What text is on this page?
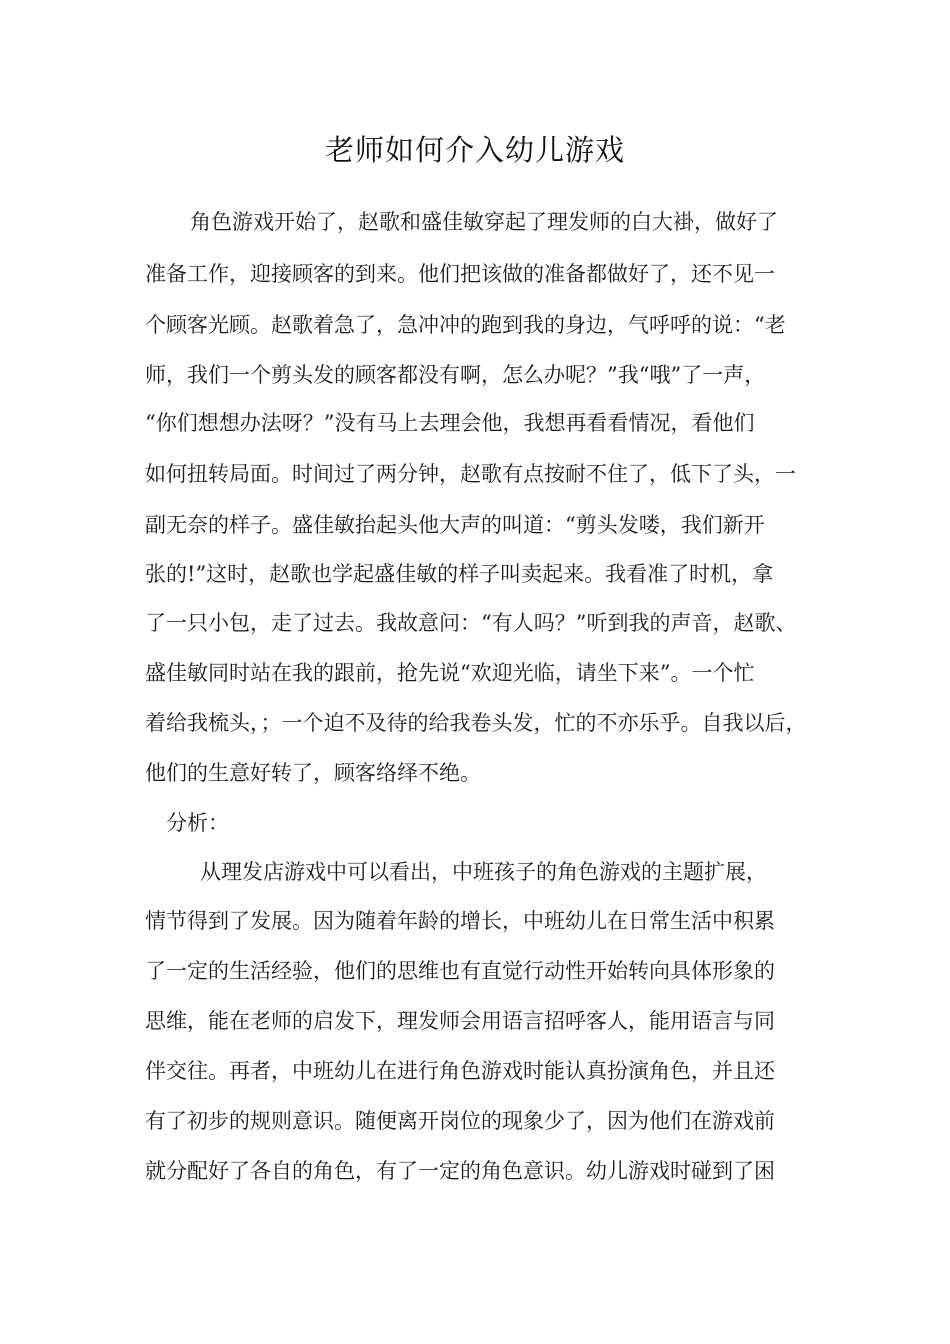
老师如何介入幼儿游戏
角色游戏开始了，赵歌和盛佳敏穿起了理发师的白大褂，做好了
准备工作，迎接顾客的到来。他们把该做的准备都做好了，还不见一
个顾客光顾。赵歌着急了，急冲冲的跑到我的身边，气呼呼的说：“老
师，我们一个剪头发的顾客都没有啊，怎么办呢？”我“哦”了一声，
“你们想想办法呀？”没有马上去理会他，我想再看看情况，看他们
如何扭转局面。时间过了两分钟，赵歌有点按耐不住了，低下了头，一
副无奈的样子。盛佳敏抬起头他大声的叫道：“剪头发喽，我们新开
张的!”这时，赵歌也学起盛佳敏的样子叫卖起来。我看准了时机，拿
了一只小包，走了过去。我故意问：“有人吗？”听到我的声音，赵歌、
盛佳敏同时站在我的跟前，抢先说“欢迎光临，请坐下来”。一个忙
着给我梳头，；一个迫不及待的给我卷头发，忙的不亦乐乎。自我以后，
他们的生意好转了，顾客络绎不绝。
分析：
从理发店游戏中可以看出，中班孩子的角色游戏的主题扩展，
情节得到了发展。因为随着年龄的增长，中班幼儿在日常生活中积累
了一定的生活经验，他们的思维也有直觉行动性开始转向具体形象的
思维，能在老师的启发下，理发师会用语言招呼客人，能用语言与同
伴交往。再者，中班幼儿在进行角色游戏时能认真扮演角色，并且还
有了初步的规则意识。随便离开岗位的现象少了，因为他们在游戏前
就分配好了各自的角色，有了一定的角色意识。幼儿游戏时碰到了困
